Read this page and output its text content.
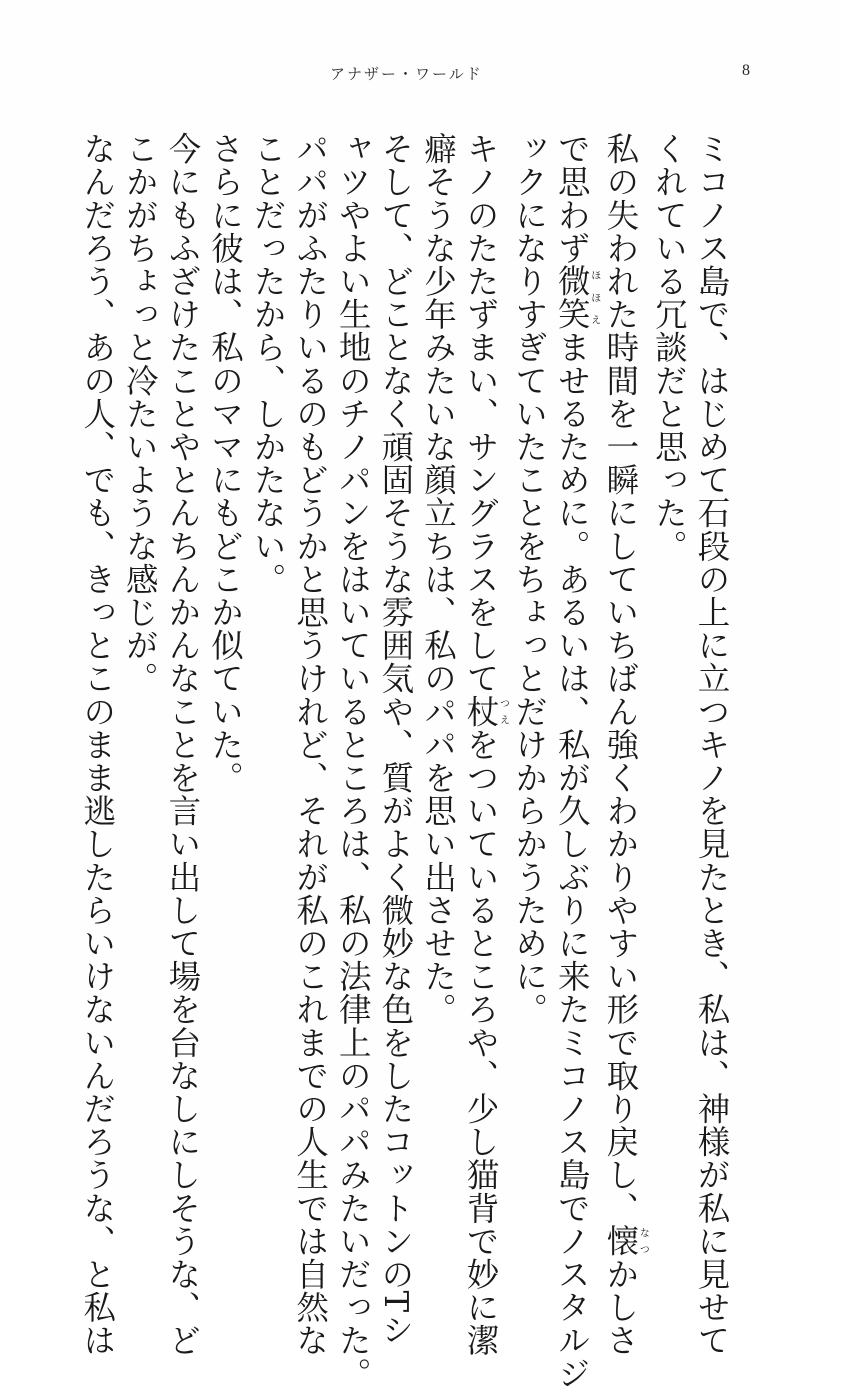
アナザー・ワールド	8
ミコノス島で、はじめて石段の上に立つキノを見たとき、私は、神様が私に見せて
くれている冗談だと思った。
私の失われた時間を一瞬にしていちばん強くわかりやすい形で取り戻し、懐なつかしさ
で思わず微笑ほほえませるために。あるいは、私が久しぶりに来たミコノス島でノスタルジ
ックになりすぎていたことをちょっとだけからかうために。
キノのたたずまい、サングラスをして杖つえをついているところや、少し猫背で妙に潔
癖そうな少年みたいな顔立ちは、私のパパを思い出させた。
そして、どことなく頑固そうな雰囲気や、質がよく微妙な色をしたコットンのTシ
ャツやよい生地のチノパンをはいているところは、私の法律上のパパみたいだった。
パパがふたりいるのもどうかと思うけれど、それが私のこれまでの人生では自然な
ことだったから、しかたない。
さらに彼は、私のママにもどこか似ていた。
今にもふざけたことやとんちんかんなことを言い出して場を台なしにしそうな、ど
こかがちょっと冷たいような感じが。
なんだろう、あの人、でも、きっとこのまま逃したらいけないんだろうな、と私は
